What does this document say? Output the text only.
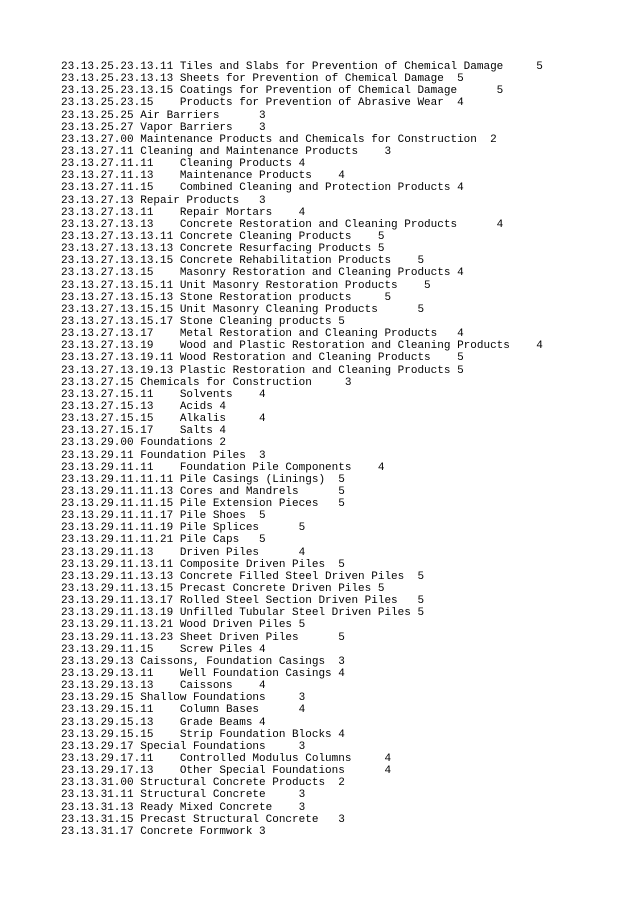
23.13.25.23.13.11 Tiles and Slabs for Prevention of Chemical Damage     5
23.13.25.23.13.13 Sheets for Prevention of Chemical Damage  5
23.13.25.23.13.15 Coatings for Prevention of Chemical Damage      5
23.13.25.23.15    Products for Prevention of Abrasive Wear  4
23.13.25.25 Air Barriers      3
23.13.25.27 Vapor Barriers    3
23.13.27.00 Maintenance Products and Chemicals for Construction  2
23.13.27.11 Cleaning and Maintenance Products    3
23.13.27.11.11    Cleaning Products 4
23.13.27.11.13    Maintenance Products    4
23.13.27.11.15    Combined Cleaning and Protection Products 4
23.13.27.13 Repair Products   3
23.13.27.13.11    Repair Mortars    4
23.13.27.13.13    Concrete Restoration and Cleaning Products      4
23.13.27.13.13.11 Concrete Cleaning Products    5
23.13.27.13.13.13 Concrete Resurfacing Products 5
23.13.27.13.13.15 Concrete Rehabilitation Products    5
23.13.27.13.15    Masonry Restoration and Cleaning Products 4
23.13.27.13.15.11 Unit Masonry Restoration Products    5
23.13.27.13.15.13 Stone Restoration products     5
23.13.27.13.15.15 Unit Masonry Cleaning Products      5
23.13.27.13.15.17 Stone Cleaning products 5
23.13.27.13.17    Metal Restoration and Cleaning Products   4
23.13.27.13.19    Wood and Plastic Restoration and Cleaning Products    4
23.13.27.13.19.11 Wood Restoration and Cleaning Products    5
23.13.27.13.19.13 Plastic Restoration and Cleaning Products 5
23.13.27.15 Chemicals for Construction     3
23.13.27.15.11    Solvents    4
23.13.27.15.13    Acids 4
23.13.27.15.15    Alkalis     4
23.13.27.15.17    Salts 4
23.13.29.00 Foundations 2
23.13.29.11 Foundation Piles  3
23.13.29.11.11    Foundation Pile Components    4
23.13.29.11.11.11 Pile Casings (Linings)  5
23.13.29.11.11.13 Cores and Mandrels      5
23.13.29.11.11.15 Pile Extension Pieces   5
23.13.29.11.11.17 Pile Shoes  5
23.13.29.11.11.19 Pile Splices      5
23.13.29.11.11.21 Pile Caps   5
23.13.29.11.13    Driven Piles      4
23.13.29.11.13.11 Composite Driven Piles  5
23.13.29.11.13.13 Concrete Filled Steel Driven Piles  5
23.13.29.11.13.15 Precast Concrete Driven Piles 5
23.13.29.11.13.17 Rolled Steel Section Driven Piles   5
23.13.29.11.13.19 Unfilled Tubular Steel Driven Piles 5
23.13.29.11.13.21 Wood Driven Piles 5
23.13.29.11.13.23 Sheet Driven Piles      5
23.13.29.11.15    Screw Piles 4
23.13.29.13 Caissons, Foundation Casings  3
23.13.29.13.11    Well Foundation Casings 4
23.13.29.13.13    Caissons    4
23.13.29.15 Shallow Foundations     3
23.13.29.15.11    Column Bases      4
23.13.29.15.13    Grade Beams 4
23.13.29.15.15    Strip Foundation Blocks 4
23.13.29.17 Special Foundations     3
23.13.29.17.11    Controlled Modulus Columns     4
23.13.29.17.13    Other Special Foundations      4
23.13.31.00 Structural Concrete Products  2
23.13.31.11 Structural Concrete     3
23.13.31.13 Ready Mixed Concrete    3
23.13.31.15 Precast Structural Concrete   3
23.13.31.17 Concrete Formwork 3
